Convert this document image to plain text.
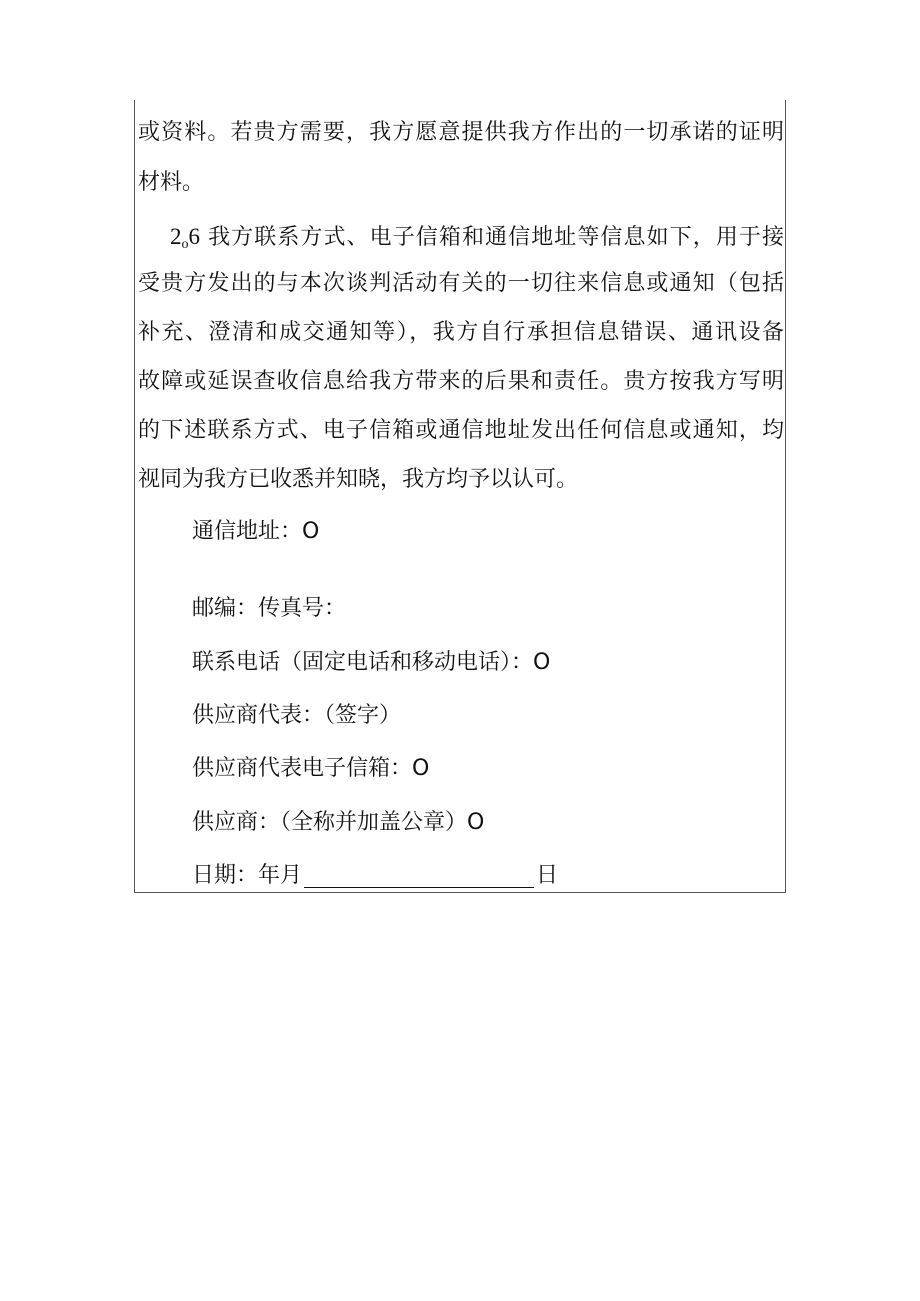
或资料。若贵方需要，我方愿意提供我方作出的一切承诺的证明
材料。
$2_o6$ 我方联系方式、电子信箱和通信地址等信息如下，用于接
受贵方发出的与本次谈判活动有关的一切往来信息或通知（包括
补充、澄清和成交通知等），我方自行承担信息错误、通讯设备
故障或延误查收信息给我方带来的后果和责任。贵方按我方写明
的下述联系方式、电子信箱或通信地址发出任何信息或通知，均
视同为我方已收悉并知晓，我方均予以认可。
通信地址：O
邮编：传真号：
联系电话（固定电话和移动电话）：O
供应商代表：（签字）
供应商代表电子信箱：O
供应商：（全称并加盖公章）O
日期：年月	日
